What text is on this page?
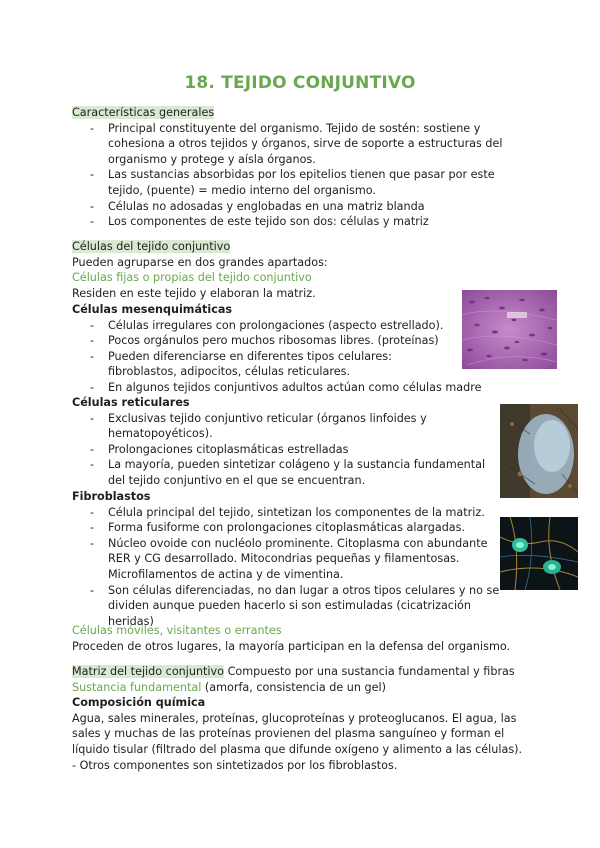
18. TEJIDO CONJUNTIVO
Características generales
- Principal constituyente del organismo. Tejido de sostén: sostiene y cohesiona a otros tejidos y órganos, sirve de soporte a estructuras del organismo y protege y aísla órganos.
- Las sustancias absorbidas por los epitelios tienen que pasar por este tejido, (puente) = medio interno del organismo.
- Células no adosadas y englobadas en una matriz blanda
- Los componentes de este tejido son dos: células y matriz
Células del tejido conjuntivo
Pueden agruparse en dos grandes apartados:
Células fijas o propias del tejido conjuntivo
Residen en este tejido y elaboran la matriz.
Células mesenquimáticas
- Células irregulares con prolongaciones (aspecto estrellado).
- Pocos orgánulos pero muchos ribosomas libres. (proteínas)
- Pueden diferenciarse en diferentes tipos celulares: fibroblastos, adipocitos, células reticulares.
- En algunos tejidos conjuntivos adultos actúan como células madre
Células reticulares
- Exclusivas tejido conjuntivo reticular (órganos linfoides y hematopoyéticos).
- Prolongaciones citoplasmáticas estrelladas
- La mayoría, pueden sintetizar colágeno y la sustancia fundamental del tejido conjuntivo en el que se encuentran.
Fibroblastos
- Célula principal del tejido, sintetizan los componentes de la matriz.
- Forma fusiforme con prolongaciones citoplasmáticas alargadas.
- Núcleo ovoide con nucléolo prominente. Citoplasma con abundante RER y CG desarrollado. Mitocondrias pequeñas y filamentosas. Microfilamentos de actina y de vimentina.
- Son células diferenciadas, no dan lugar a otros tipos celulares y no se dividen aunque pueden hacerlo si son estimuladas (cicatrización heridas)
Células móviles, visitantes o errantes
Proceden de otros lugares, la mayoría participan en la defensa del organismo.
Matriz del tejido conjuntivo Compuesto por una sustancia fundamental y fibras
Sustancia fundamental (amorfa, consistencia de un gel)
Composición química
Agua, sales minerales, proteínas, glucoproteínas y proteoglucanos. El agua, las sales y muchas de las proteínas provienen del plasma sanguíneo y forman el líquido tisular (filtrado del plasma que difunde oxígeno y alimento a las células).
- Otros componentes son sintetizados por los fibroblastos.
